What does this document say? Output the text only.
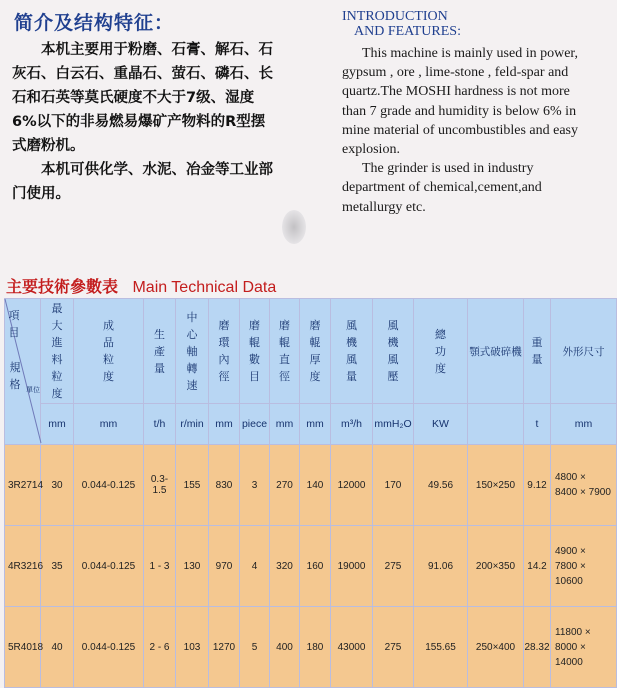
简介及结构特征：

本机主要用于粉磨、石膏、解石、石灰石、白云石、重晶石、萤石、磷石、长石和石英等莫氏硬度不大于7级、湿度6%以下的非易燃易爆矿产物料的R型摆式磨粉机。

本机可供化学、水泥、冶金等工业部门使用。

INTRODUCTION
AND FEATURES:

This machine is mainly used in power, gypsum , ore , lime-stone , feld-spar and quartz.The MOSHI hardness is not more than 7 grade and humidity is below 6% in mine material of uncombustibles and easy explosion.

The grinder is used in industry department of chemical,cement,and metallurgy etc.

主要技術參數表 Main Technical Data
項目
規格 單位	最大進料粒度	成品粒度	生產量	中心軸轉速	磨環內徑	磨輥數目	磨輥直徑	磨輥厚度	風機風量	風機風壓	總功度	顎式破碎機	重量	外形尺寸
	mm	mm	t/h	r/min	mm	piece	mm	mm	m³/h	mmH₂O	KW		t	mm
3R2714	30	0.044-0.125	0.3-1.5	155	830	3	270	140	12000	170	49.56	150×250	9.12	4800 ×
8400 × 7900
4R3216	35	0.044-0.125	1 - 3	130	970	4	320	160	19000	275	91.06	200×350	14.2	4900 ×
7800 × 10600
5R4018	40	0.044-0.125	2 - 6	103	1270	5	400	180	43000	275	155.65	250×400	28.32	11800 ×
8000 × 14000
